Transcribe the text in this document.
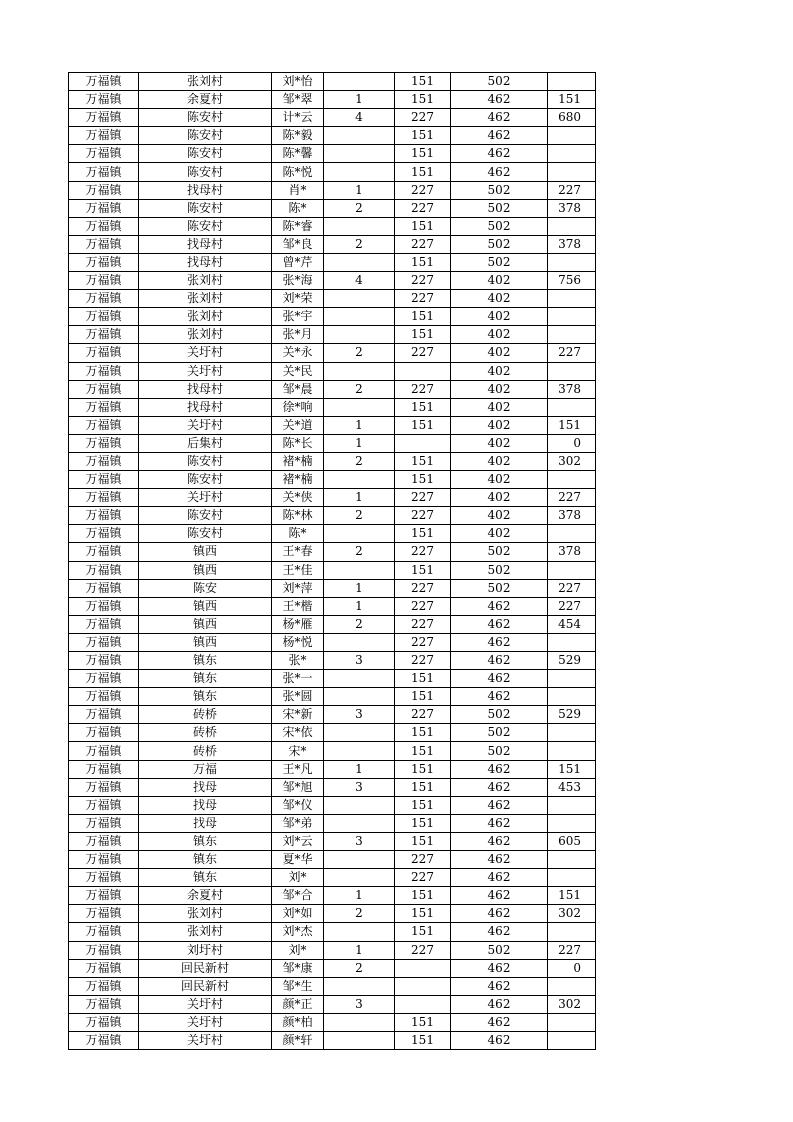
万福镇	张刘村	刘*怡		151	502	
万福镇	余夏村	邹*翠	1	151	462	151
万福镇	陈安村	计*云	4	227	462	680
万福镇	陈安村	陈*毅		151	462	
万福镇	陈安村	陈*馨		151	462	
万福镇	陈安村	陈*悦		151	462	
万福镇	找母村	肖*	1	227	502	227
万福镇	陈安村	陈*	2	227	502	378
万福镇	陈安村	陈*睿		151	502	
万福镇	找母村	邹*良	2	227	502	378
万福镇	找母村	曾*芹		151	502	
万福镇	张刘村	张*海	4	227	402	756
万福镇	张刘村	刘*荣		227	402	
万福镇	张刘村	张*宇		151	402	
万福镇	张刘村	张*月		151	402	
万福镇	关圩村	关*永	2	227	402	227
万福镇	关圩村	关*民			402	
万福镇	找母村	邹*晨	2	227	402	378
万福镇	找母村	徐*响		151	402	
万福镇	关圩村	关*道	1	151	402	151
万福镇	后集村	陈*长	1		402	0
万福镇	陈安村	褚*楠	2	151	402	302
万福镇	陈安村	褚*楠		151	402	
万福镇	关圩村	关*侠	1	227	402	227
万福镇	陈安村	陈*林	2	227	402	378
万福镇	陈安村	陈*		151	402	
万福镇	镇西	王*春	2	227	502	378
万福镇	镇西	王*佳		151	502	
万福镇	陈安	刘*萍	1	227	502	227
万福镇	镇西	王*楷	1	227	462	227
万福镇	镇西	杨*雁	2	227	462	454
万福镇	镇西	杨*悦		227	462	
万福镇	镇东	张*	3	227	462	529
万福镇	镇东	张*一		151	462	
万福镇	镇东	张*圆		151	462	
万福镇	砖桥	宋*新	3	227	502	529
万福镇	砖桥	宋*依		151	502	
万福镇	砖桥	宋*		151	502	
万福镇	万福	王*凡	1	151	462	151
万福镇	找母	邹*旭	3	151	462	453
万福镇	找母	邹*仪		151	462	
万福镇	找母	邹*弟		151	462	
万福镇	镇东	刘*云	3	151	462	605
万福镇	镇东	夏*华		227	462	
万福镇	镇东	刘*		227	462	
万福镇	余夏村	邹*合	1	151	462	151
万福镇	张刘村	刘*如	2	151	462	302
万福镇	张刘村	刘*杰		151	462	
万福镇	刘圩村	刘*	1	227	502	227
万福镇	回民新村	邹*康	2		462	0
万福镇	回民新村	邹*生			462	
万福镇	关圩村	颜*正	3		462	302
万福镇	关圩村	颜*柏		151	462	
万福镇	关圩村	颜*轩		151	462	
